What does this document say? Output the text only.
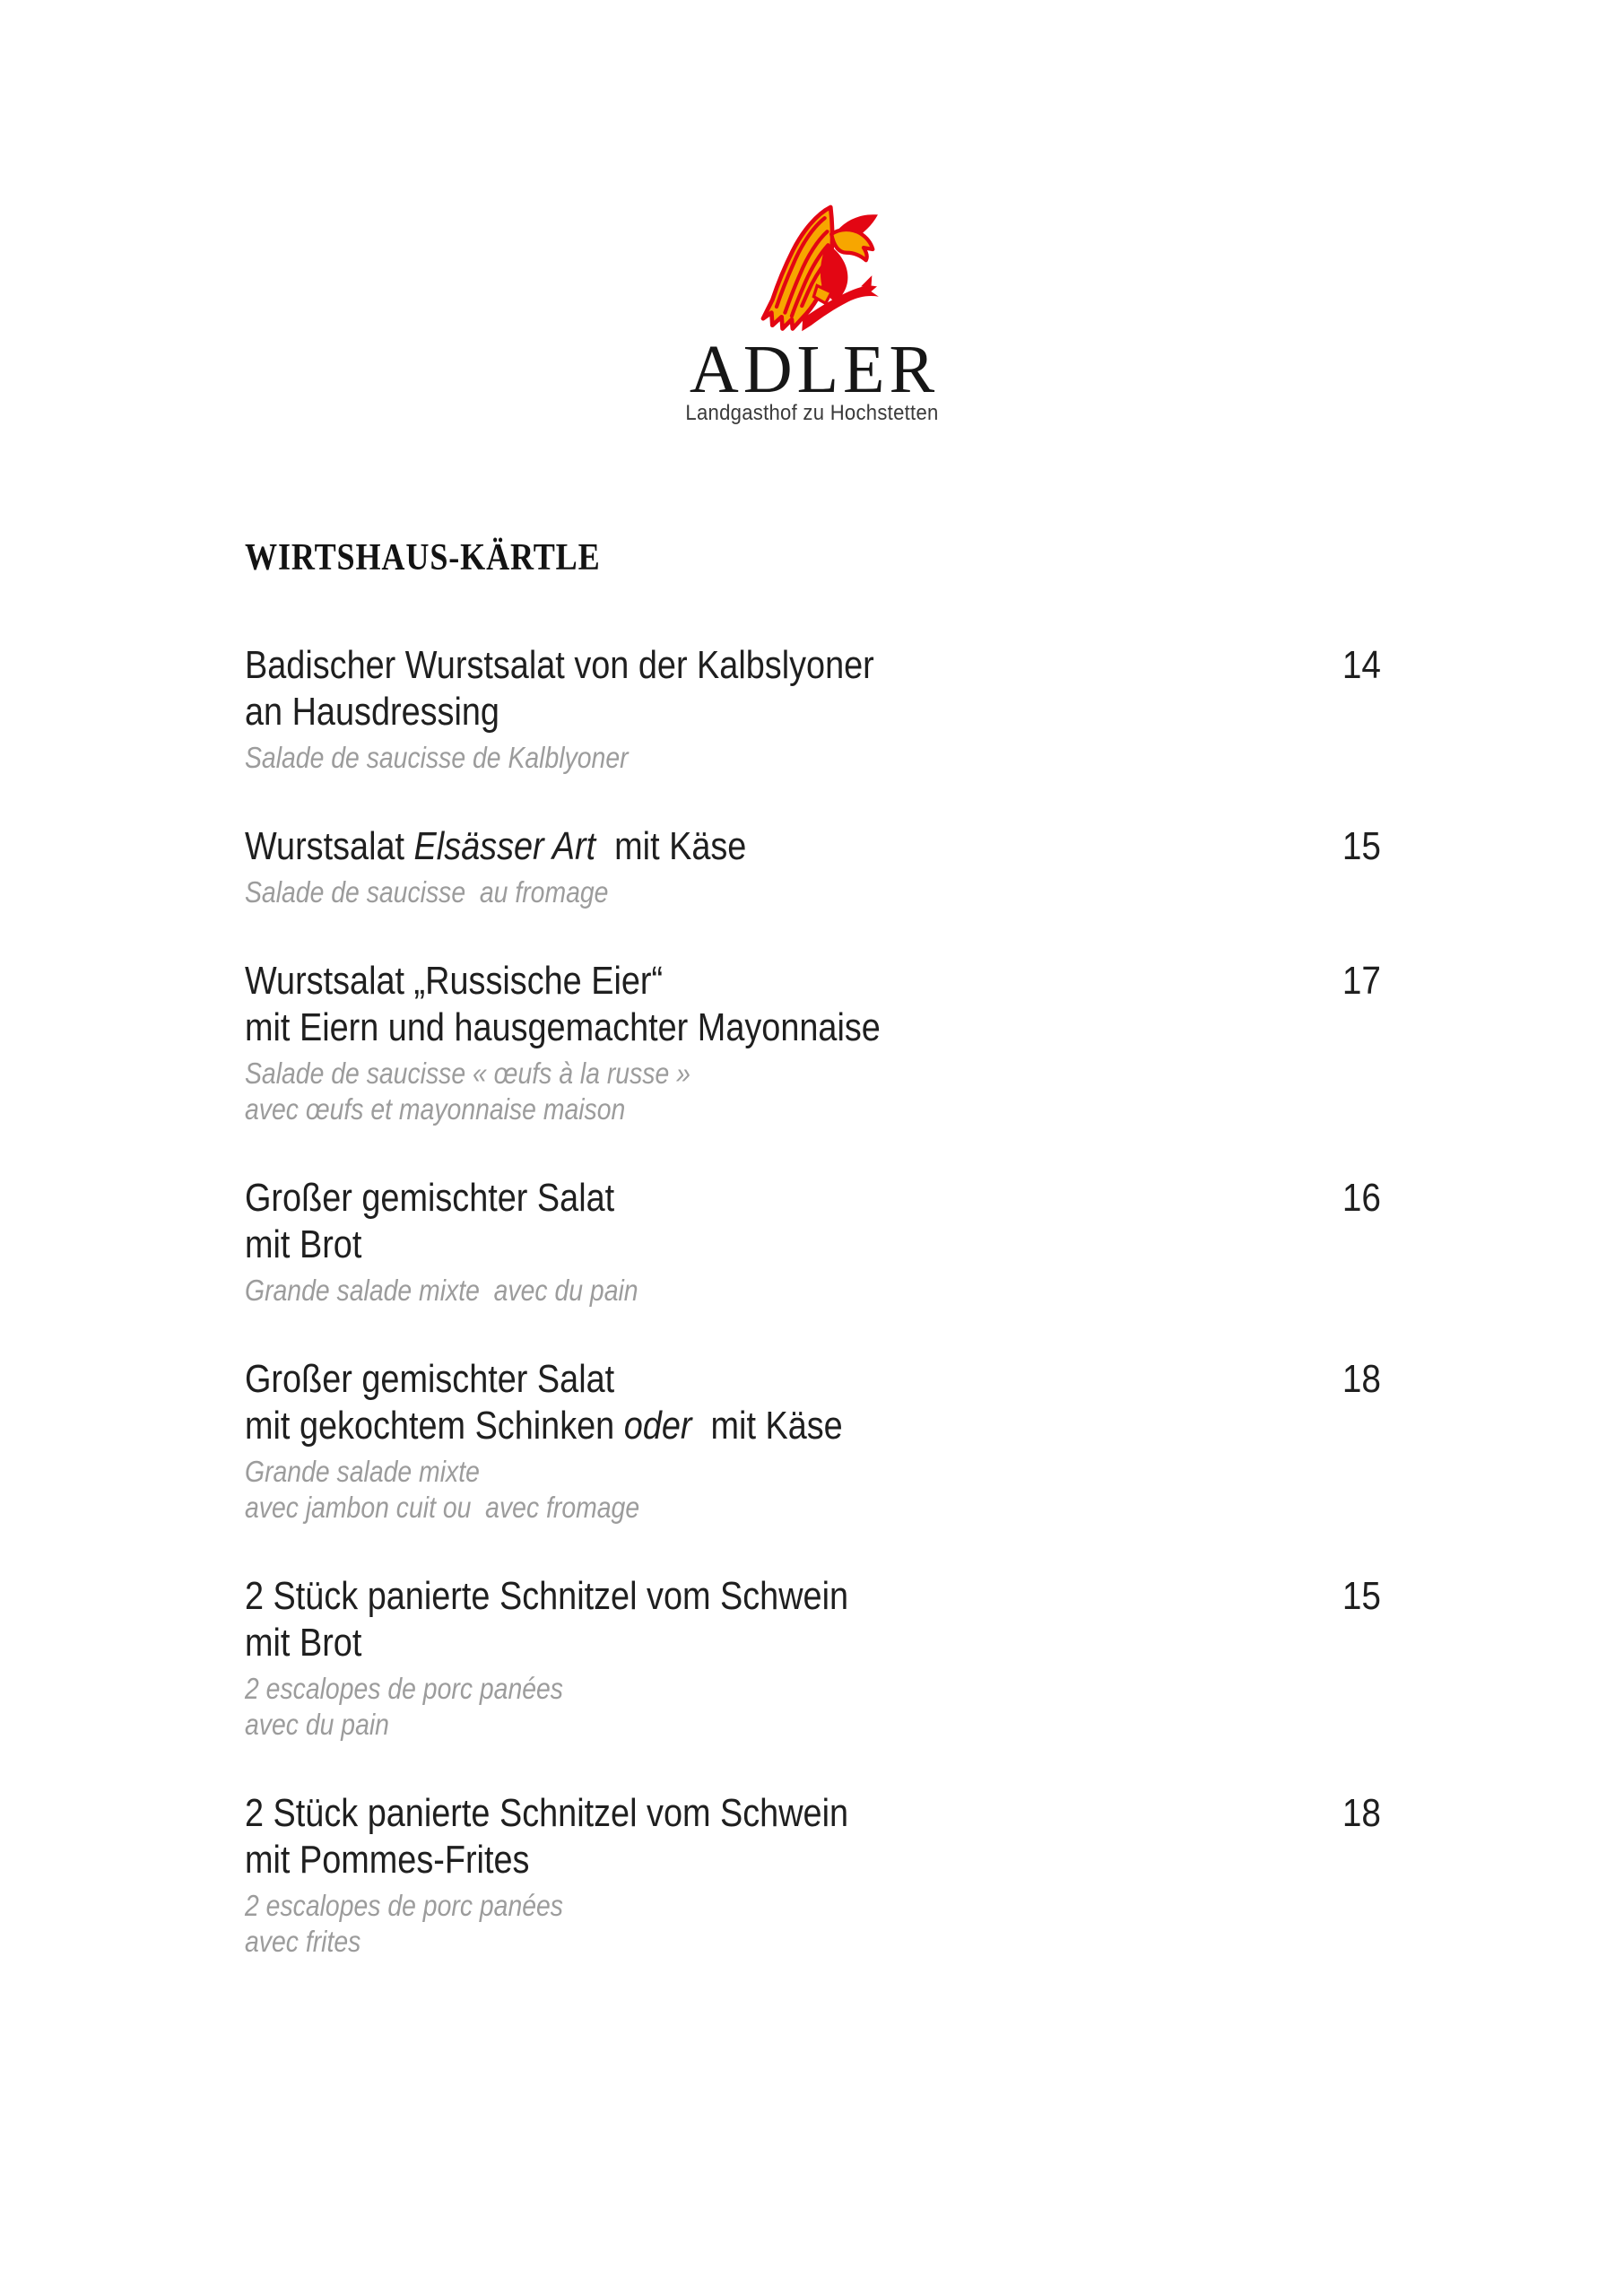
ADLER
Landgasthof zu Hochstetten
WIRTSHAUS-KÄRTLE
Badischer Wurstsalat von der Kalbslyoner
an Hausdressing
Salade de saucisse de Kalblyoner
14
Wurstsalat Elsässer Art  mit Käse
Salade de saucisse  au fromage
15
Wurstsalat „Russische Eier“
mit Eiern und hausgemachter Mayonnaise
Salade de saucisse « œufs à la russe »
avec œufs et mayonnaise maison
17
Großer gemischter Salat
mit Brot
Grande salade mixte  avec du pain
16
Großer gemischter Salat
mit gekochtem Schinken oder  mit Käse
Grande salade mixte
avec jambon cuit ou  avec fromage
18
2 Stück panierte Schnitzel vom Schwein
mit Brot
2 escalopes de porc panées
avec du pain
15
2 Stück panierte Schnitzel vom Schwein
mit Pommes-Frites
2 escalopes de porc panées
avec frites
18
